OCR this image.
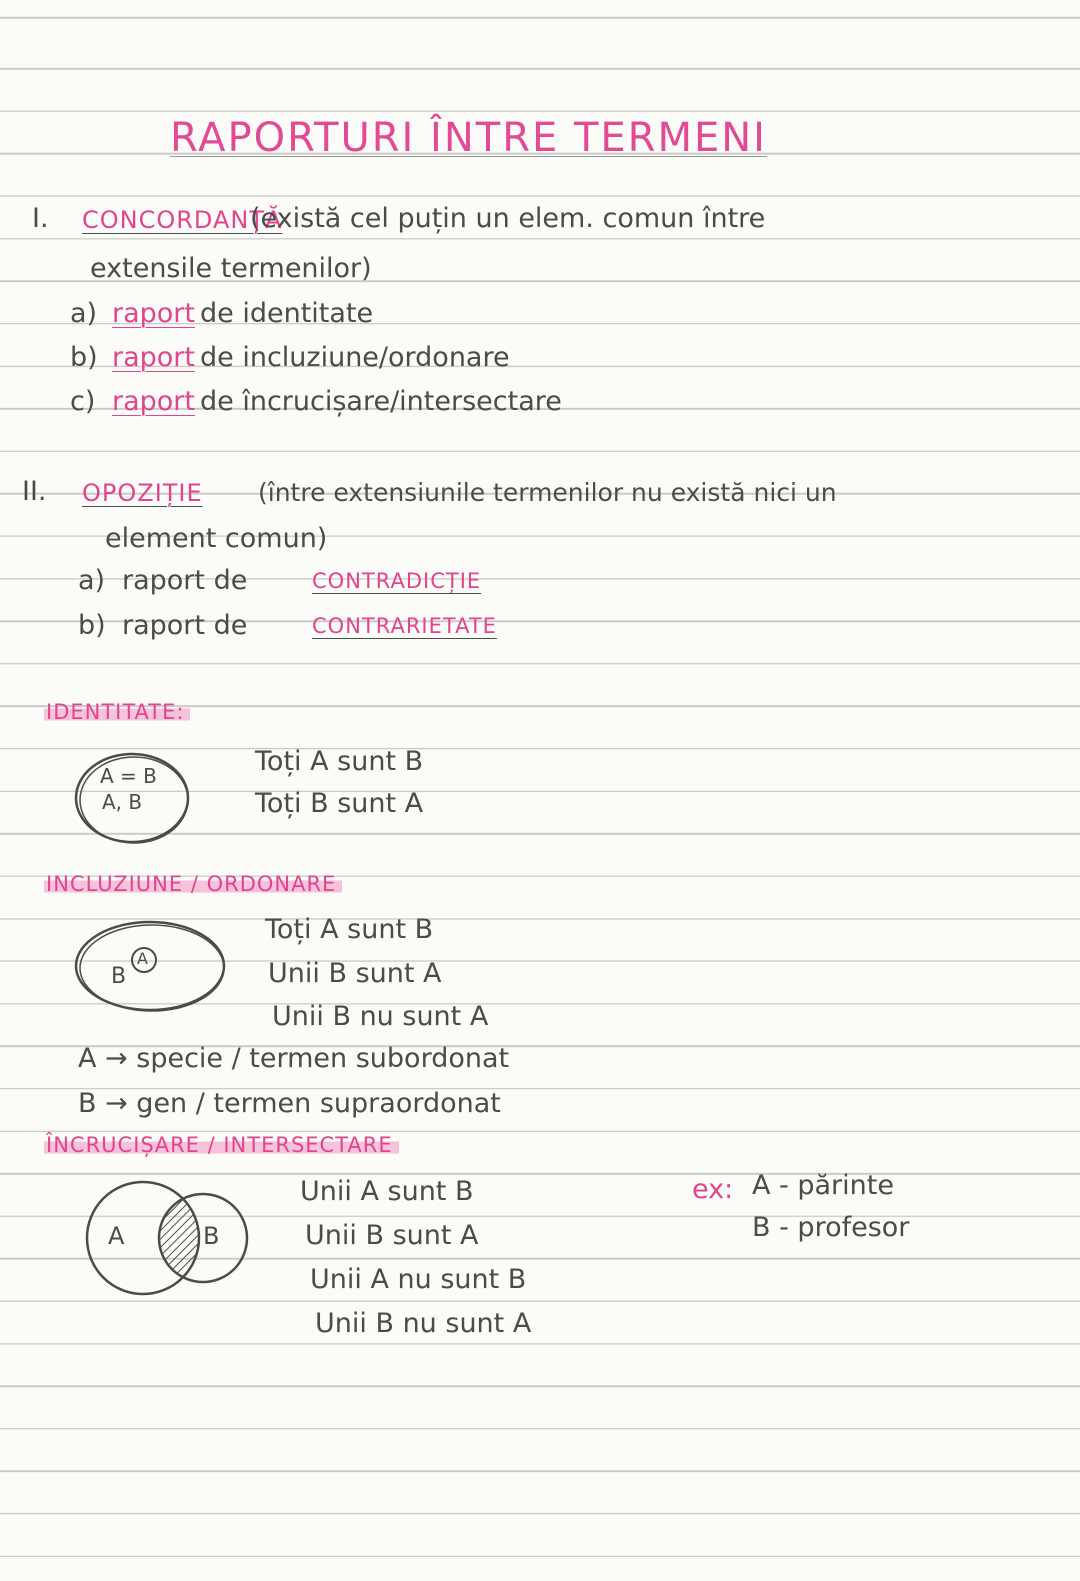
RAPORTURI ÎNTRE TERMENI
I. CONCORDANȚĂ
(există cel puțin un elem. comun între
extensile termenilor)
a) raport de identitate
b) raport de incluziune/ordonare
c) raport de încrucișare/intersectare
II. OPOZIȚIE (între extensiunile termenilor nu există nici un
element comun)
a) raport de	CONTRADICȚIE
b) raport de	CONTRARIETATE
IDENTITATE:
A = B
A, B
Toți A sunt B
Toți B sunt A
INCLUZIUNE / ORDONARE
A
B
Toți A sunt B
Unii B sunt A
Unii B nu sunt A
A → specie / termen subordonat
B → gen / termen supraordonat
ÎNCRUCIȘARE / INTERSECTARE
A	B
Unii A sunt B
Unii B sunt A
Unii A nu sunt B
Unii B nu sunt A
ex: A - părinte
B - profesor
